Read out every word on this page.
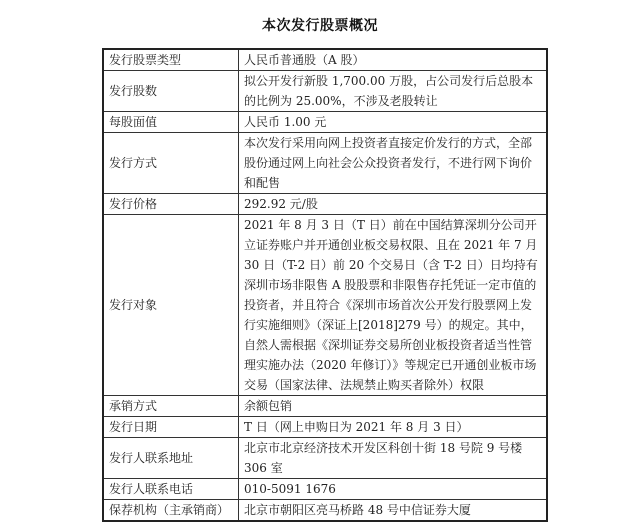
本次发行股票概况
发行股票类型	人民币普通股（A 股）
发行股数	拟公开发行新股 1,700.00 万股，占公司发行后总股本的比例为 25.00%，不涉及老股转让
每股面值	人民币 1.00 元
发行方式	本次发行采用向网上投资者直接定价发行的方式，全部股份通过网上向社会公众投资者发行，不进行网下询价和配售
发行价格	292.92 元/股
发行对象	2021 年 8 月 3 日（T 日）前在中国结算深圳分公司开立证券账户并开通创业板交易权限、且在 2021 年 7 月 30 日（T-2 日）前 20 个交易日（含 T-2 日）日均持有深圳市场非限售 A 股股票和非限售存托凭证一定市值的投资者，并且符合《深圳市场首次公开发行股票网上发行实施细则》（深证上[2018]279 号）的规定。其中，自然人需根据《深圳证券交易所创业板投资者适当性管理实施办法（2020 年修订）》等规定已开通创业板市场交易（国家法律、法规禁止购买者除外）权限
承销方式	余额包销
发行日期	T 日（网上申购日为 2021 年 8 月 3 日）
发行人联系地址	北京市北京经济技术开发区科创十街 18 号院 9 号楼 306 室
发行人联系电话	010-5091 1676
保荐机构（主承销商）	北京市朝阳区亮马桥路 48 号中信证券大厦
